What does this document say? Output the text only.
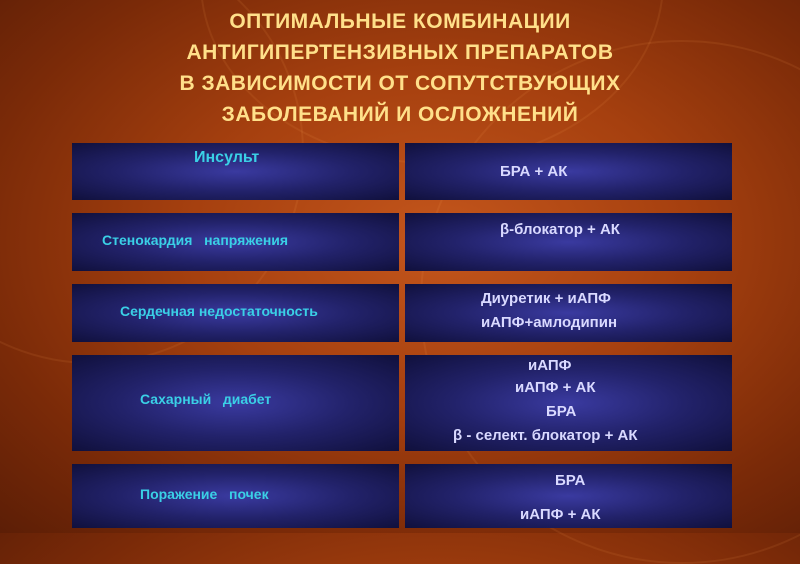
ОПТИМАЛЬНЫЕ КОМБИНАЦИИ
АНТИГИПЕРТЕНЗИВНЫХ ПРЕПАРАТОВ
В ЗАВИСИМОСТИ ОТ СОПУТСТВУЮЩИХ
ЗАБОЛЕВАНИЙ И ОСЛОЖНЕНИЙ
Инсульт
БРА + АК
Стенокардия   напряжения
β-блокатор + АК
Сердечная недостаточность
Диуретик + иАПФ
иАПФ+амлодипин
Сахарный   диабет
иАПФ
иАПФ + АК
БРА
β - селект. блокатор + АК
Поражение   почек
БРА
иАПФ + АК
